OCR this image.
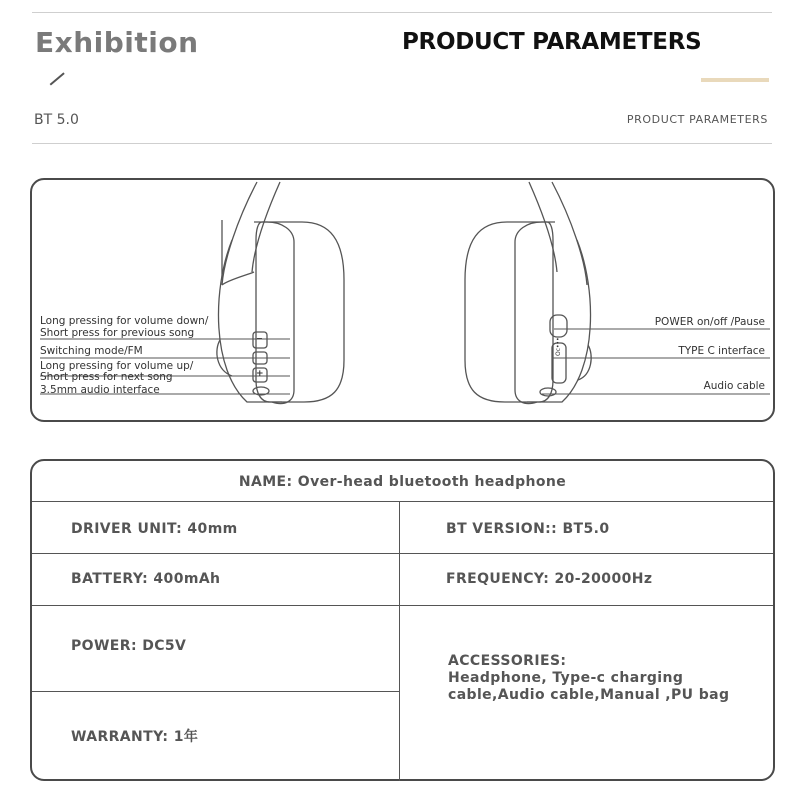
Exhibition	PRODUCT PARAMETERS
BT 5.0	PRODUCT PARAMETERS
Long pressing for volume down/
Short press for previous song
Switching mode/FM
Long pressing for volume up/
Short press for next song
3.5mm audio interface
POWER on/off /Pause
TYPE C interface
Audio cable
−
+
Oc•••
NAME: Over-head bluetooth headphone
DRIVER UNIT: 40mm	BT VERSION:: BT5.0
BATTERY: 400mAh	FREQUENCY: 20-20000Hz
POWER: DC5V
WARRANTY: 1年
ACCESSORIES:
Headphone, Type-c charging cable,Audio cable,Manual ,PU bag
